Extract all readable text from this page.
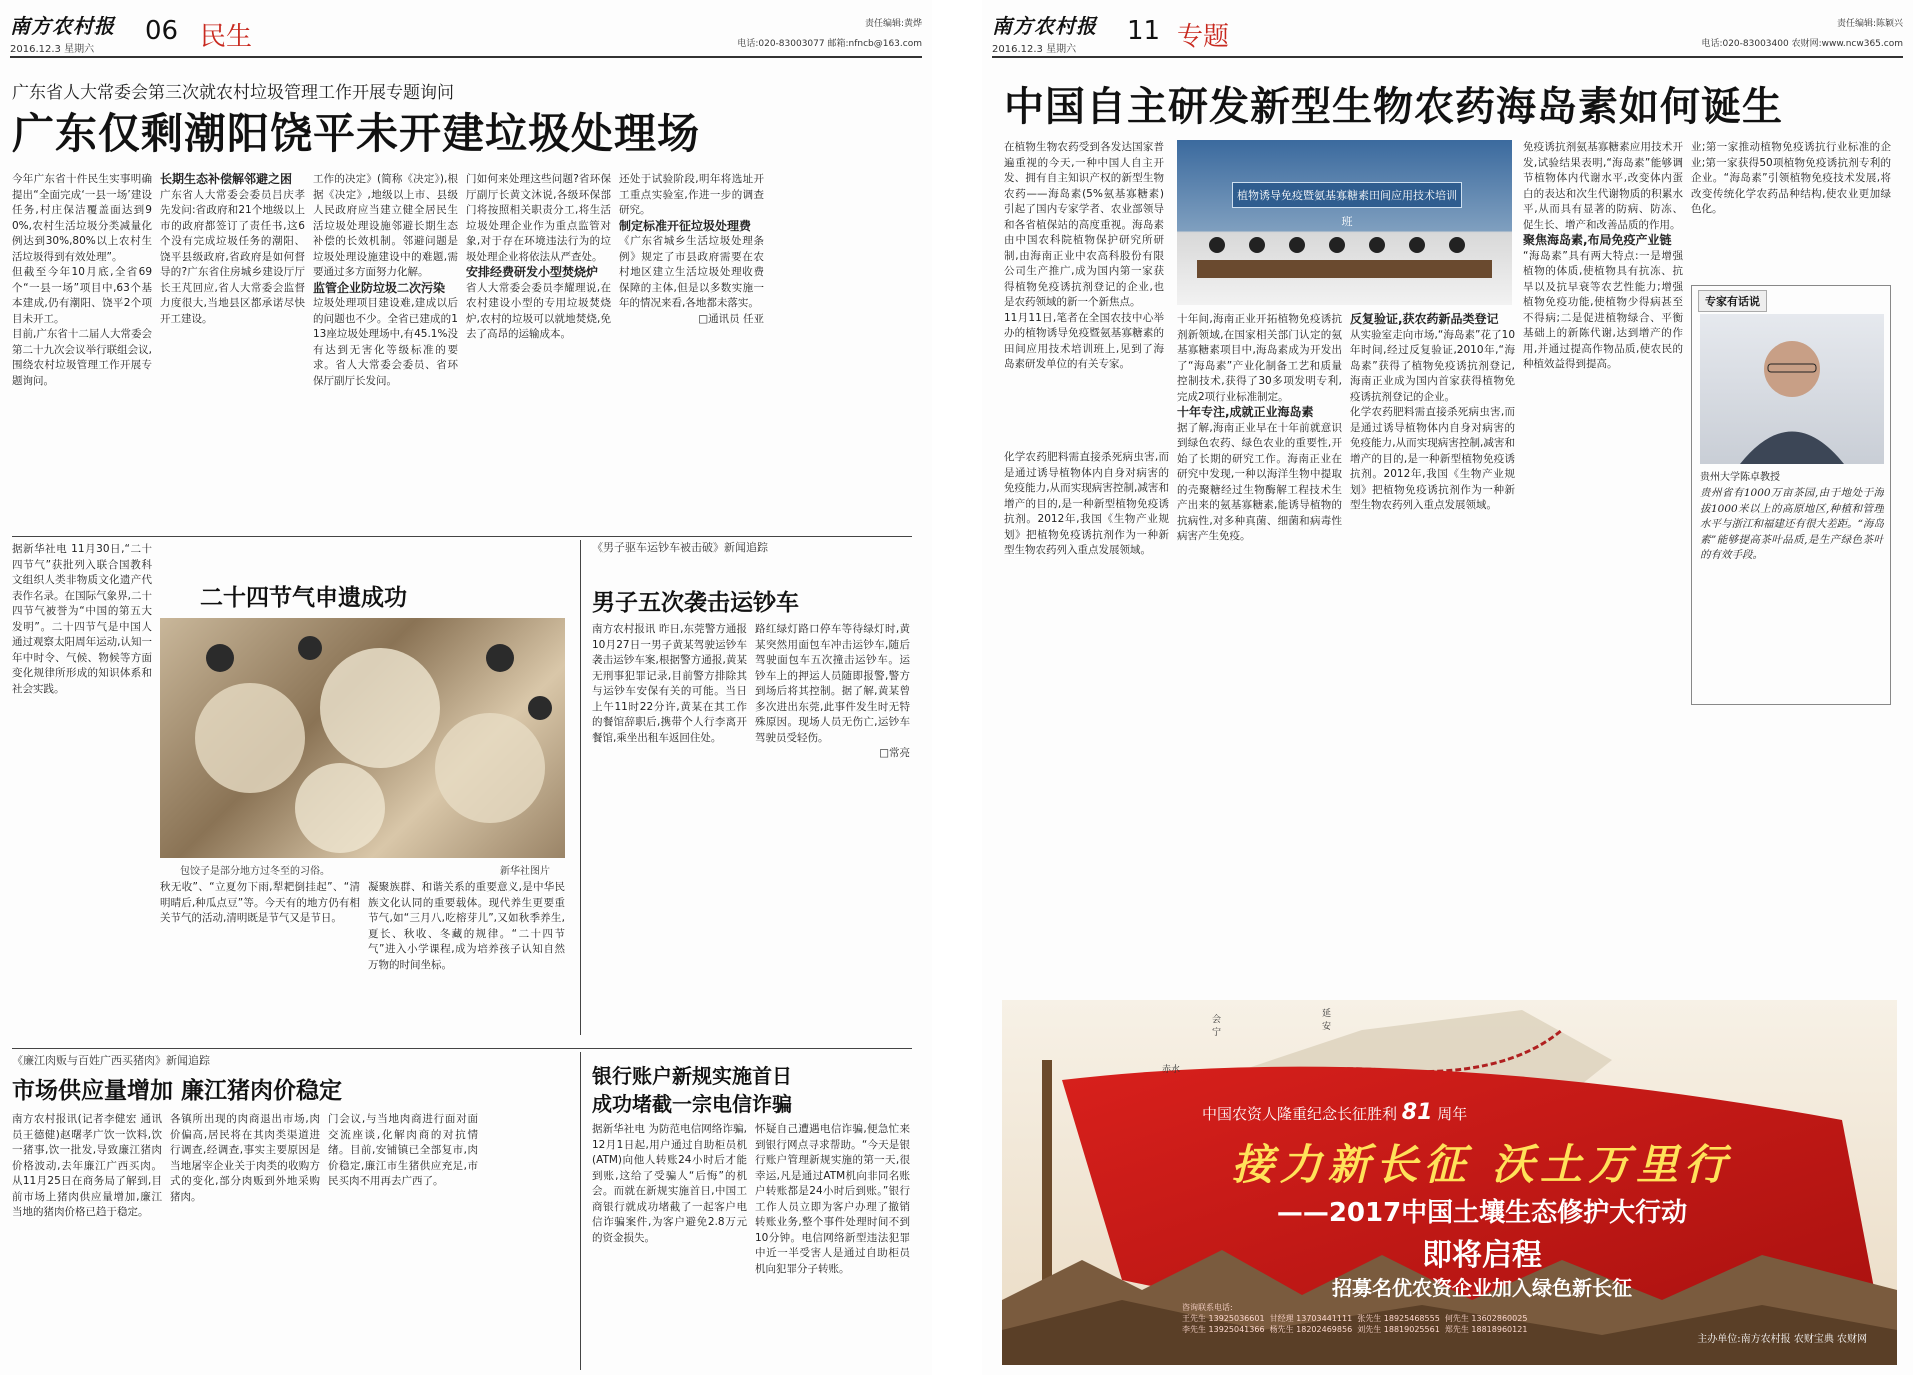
南方农村报
2016.12.3 星期六
06 民生	责任编辑:黄烨
电话:020-83003077 邮箱:nfncb@163.com
广东省人大常委会第三次就农村垃圾管理工作开展专题询问
广东仅剩潮阳饶平未开建垃圾处理场

今年广东省十件民生实事明确提出“全面完成‘一县一场’建设任务,村庄保洁覆盖面达到90%,农村生活垃圾分类减量化例达到30%,80%以上农村生活垃圾得到有效处理”。

但截至今年10月底,全省69个“一县一场”项目中,63个基本建成,仍有潮阳、饶平2个项目未开工。

目前,广东省十二届人大常委会第二十九次会议举行联组会议,围绕农村垃圾管理工作开展专题询问。

长期生态补偿解邻避之困

广东省人大常委会委员吕庆孝先发问:省政府和21个地级以上市的政府都签订了责任书,这6个没有完成垃圾任务的潮阳、饶平县级政府,省政府是如何督导的?广东省住房城乡建设厅厅长王芃回应,省人大常委会监督力度很大,当地县区都承诺尽快开工建设。

工作的决定》(简称《决定》),根据《决定》,地级以上市、县级人民政府应当建立健全居民生活垃圾处理设施邻避长期生态补偿的长效机制。邻避问题是垃圾处理设施建设中的难题,需要通过多方面努力化解。

监管企业防垃圾二次污染

垃圾处理项目建设难,建成以后的问题也不少。全省已建成的113座垃圾处理场中,有45.1%没有达到无害化等级标准的要求。省人大常委会委员、省环保厅副厅长发问。

门如何来处理这些问题?省环保厅副厅长黄文沐说,各级环保部门将按照相关职责分工,将生活垃圾处理企业作为重点监管对象,对于存在环境违法行为的垃圾处理企业将依法从严查处。

安排经费研发小型焚烧炉

省人大常委会委员李耀理说,在农村建设小型的专用垃圾焚烧炉,农村的垃圾可以就地焚烧,免去了高昂的运输成本。

还处于试验阶段,明年将选址开工重点实验室,作进一步的调查研究。

制定标准开征垃圾处理费

《广东省城乡生活垃圾处理条例》规定了市县政府需要在农村地区建立生活垃圾处理收费保障的主体,但是以多数实施一年的情况来看,各地都未落实。

□通讯员 任亚

据新华社电 11月30日,“二十四节气”获批列入联合国教科文组织人类非物质文化遗产代表作名录。在国际气象界,二十四节气被誉为“中国的第五大发明”。二十四节气是中国人通过观察太阳周年运动,认知一年中时令、气候、物候等方面变化规律所形成的知识体系和社会实践。

二十四节气申遗成功
包饺子是部分地方过冬至的习俗。	新华社图片

秋无收”、“立夏勿下雨,犁耙倒挂起”、“清明晴后,种瓜点豆”等。今天有的地方仍有相关节气的活动,清明既是节气又是节日。

凝聚族群、和谐关系的重要意义,是中华民族文化认同的重要载体。现代养生更要重节气,如“三月八,吃榕芽儿”,又如秋季养生,夏长、秋收、冬藏的规律。“二十四节气”进入小学课程,成为培养孩子认知自然万物的时间坐标。

《男子驱车运钞车被击破》新闻追踪
男子五次袭击运钞车

南方农村报讯 昨日,东莞警方通报10月27日一男子黄某驾驶运钞车袭击运钞车案,根据警方通报,黄某无刑事犯罪记录,目前警方排除其与运钞车安保有关的可能。当日上午11时22分许,黄某在其工作的餐馆辞职后,携带个人行李离开餐馆,乘坐出租车返回住处。

路红绿灯路口停车等待绿灯时,黄某突然用面包车冲击运钞车,随后驾驶面包车五次撞击运钞车。运钞车上的押运人员随即报警,警方到场后将其控制。据了解,黄某曾多次进出东莞,此事件发生时无特殊原因。现场人员无伤亡,运钞车驾驶员受轻伤。

□常亮

《廉江肉贩与百姓广西买猪肉》新闻追踪
市场供应量增加 廉江猪肉价稳定

南方农村报讯(记者李健宏 通讯员王德健)赵曙孝广饮一饮料,饮一猪事,饮一批发,导致廉江猪肉价格波动,去年廉江广西买肉。从11月25日在商务局了解到,目前市场上猪肉供应量增加,廉江当地的猪肉价格已趋于稳定。

各镇所出现的肉商退出市场,肉价偏高,居民将在其肉类渠道进行调查,经调查,事实主要原因是当地屠宰企业关于肉类的收购方式的变化,部分肉贩到外地采购猪肉。

门会议,与当地肉商进行面对面交流座谈,化解肉商的对抗情绪。目前,安铺镇已全部复市,肉价稳定,廉江市生猪供应充足,市民买肉不用再去广西了。

银行账户新规实施首日 成功堵截一宗电信诈骗

据新华社电 为防范电信网络诈骗,12月1日起,用户通过自助柜员机(ATM)向他人转账24小时后才能到账,这给了受骗人“后悔”的机会。而就在新规实施首日,中国工商银行就成功堵截了一起客户电信诈骗案件,为客户避免2.8万元的资金损失。

怀疑自己遭遇电信诈骗,便急忙来到银行网点寻求帮助。“今天是银行账户管理新规实施的第一天,很幸运,凡是通过ATM机向非同名账户转账都是24小时后到账。”银行工作人员立即为客户办理了撤销转账业务,整个事件处理时间不到10分钟。电信网络新型违法犯罪中近一半受害人是通过自助柜员机向犯罪分子转账。

南方农村报
2016.12.3 星期六
11 专题	责任编辑:陈颖兴
电话:020-83003400 农财网:www.ncw365.com
中国自主研发新型生物农药海岛素如何诞生

在植物生物农药受到各发达国家普遍重视的今天,一种中国人自主开发、拥有自主知识产权的新型生物农药——海岛素(5%氨基寡糖素)引起了国内专家学者、农业部领导和各省植保站的高度重视。海岛素由中国农科院植物保护研究所研制,由海南正业中农高科股份有限公司生产推广,成为国内第一家获得植物免疫诱抗剂登记的企业,也是农药领域的新一个新焦点。

11月11日,笔者在全国农技中心举办的植物诱导免疫暨氨基寡糖素的田间应用技术培训班上,见到了海岛素研发单位的有关专家。

植物诱导免疫暨氨基寡糖素田间应用技术培训班

十年间,海南正业开拓植物免疫诱抗剂新领域,在国家相关部门认定的氨基寡糖素项目中,海岛素成为开发出了“海岛素”产业化制备工艺和质量控制技术,获得了30多项发明专利,完成2项行业标准制定。

十年专注,成就正业海岛素

据了解,海南正业早在十年前就意识到绿色农药、绿色农业的重要性,开始了长期的研究工作。海南正业在研究中发现,一种以海洋生物中提取的壳聚糖经过生物酶解工程技术生产出来的氨基寡糖素,能诱导植物的抗病性,对多种真菌、细菌和病毒性病害产生免疫。

反复验证,获农药新品类登记

从实验室走向市场,“海岛素”花了10年时间,经过反复验证,2010年,“海岛素”获得了植物免疫诱抗剂登记,海南正业成为国内首家获得植物免疫诱抗剂登记的企业。

化学农药肥料需直接杀死病虫害,而是通过诱导植物体内自身对病害的免疫能力,从而实现病害控制,减害和增产的目的,是一种新型植物免疫诱抗剂。2012年,我国《生物产业规划》把植物免疫诱抗剂作为一种新型生物农药列入重点发展领域。

化学农药肥料需直接杀死病虫害,而是通过诱导植物体内自身对病害的免疫能力,从而实现病害控制,减害和增产的目的,是一种新型植物免疫诱抗剂。2012年,我国《生物产业规划》把植物免疫诱抗剂作为一种新型生物农药列入重点发展领域。

免疫诱抗剂氨基寡糖素应用技术开发,试验结果表明,“海岛素”能够调节植物体内代谢水平,改变体内蛋白的表达和次生代谢物质的积累水平,从而具有显著的防病、防冻、促生长、增产和改善品质的作用。

聚焦海岛素,布局免疫产业链

“海岛素”具有两大特点:一是增强植物的体质,使植物具有抗冻、抗旱以及抗早衰等农艺性能力;增强植物免疫功能,使植物少得病甚至不得病;二是促进植物绿合、平衡基础上的新陈代谢,达到增产的作用,并通过提高作物品质,使农民的种植效益得到提高。

业;第一家推动植物免疫诱抗行业标准的企业;第一家获得50项植物免疫诱抗剂专利的企业。“海岛素”引领植物免疫技术发展,将改变传统化学农药品种结构,使农业更加绿色化。

专家有话说
贵州大学陈卓教授
贵州省有1000万亩茶园,由于地处于海拔1000米以上的高原地区,种植和管理水平与浙江和福建还有很大差距。“海岛素”能够提高茶叶品质,是生产绿色茶叶的有效手段。
会宁
延安
赤水
中国农资人隆重纪念长征胜利 81 周年
接力新长征 沃土万里行
——2017中国土壤生态修护大行动
即将启程
招募名优农资企业加入绿色新长征
咨询联系电话:
王先生 13925036601 甘经理 13703441111 张先生 18925468555 何先生 13602860025
李先生 13925041366 杨先生 18202469856 刘先生 18819025561 郑先生 18818960121
主办单位:南方农村报 农财宝典 农财网
